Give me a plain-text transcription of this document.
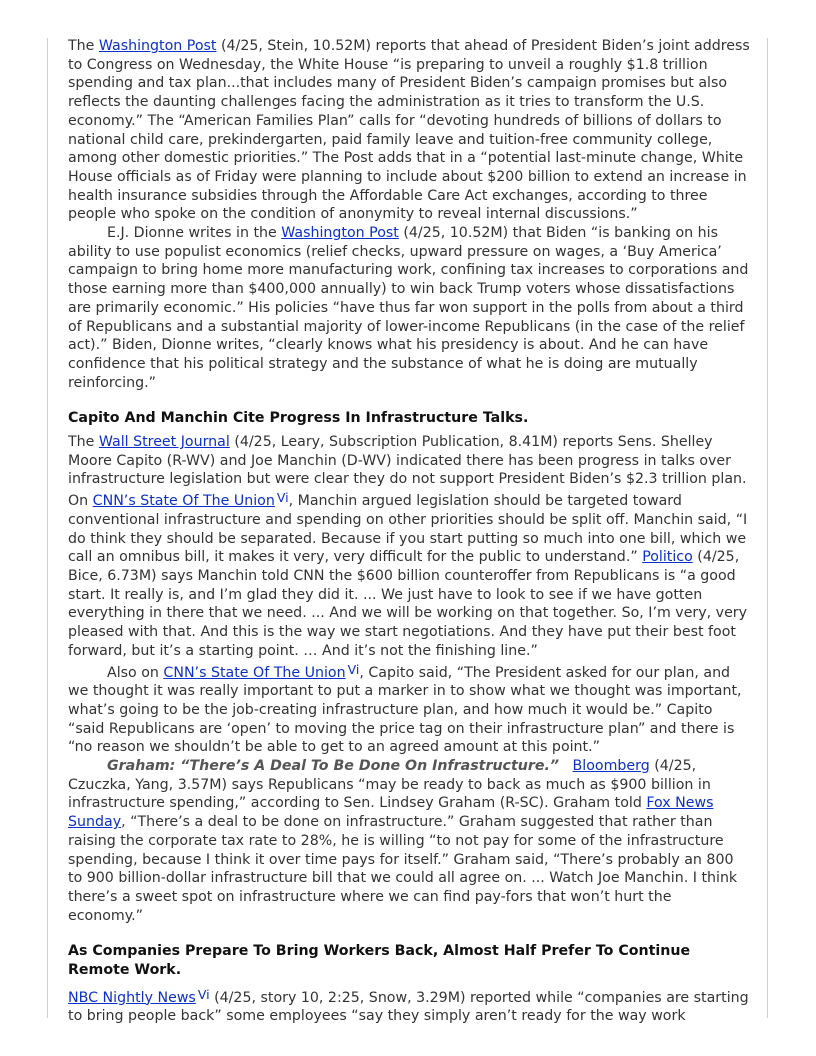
The Washington Post (4/25, Stein, 10.52M) reports that ahead of President Biden’s joint address to Congress on Wednesday, the White House “is preparing to unveil a roughly $1.8 trillion spending and tax plan...that includes many of President Biden’s campaign promises but also reflects the daunting challenges facing the administration as it tries to transform the U.S. economy.” The “American Families Plan” calls for “devoting hundreds of billions of dollars to national child care, prekindergarten, paid family leave and tuition-free community college, among other domestic priorities.” The Post adds that in a “potential last-minute change, White House officials as of Friday were planning to include about $200 billion to extend an increase in health insurance subsidies through the Affordable Care Act exchanges, according to three people who spoke on the condition of anonymity to reveal internal discussions.”

E.J. Dionne writes in the Washington Post (4/25, 10.52M) that Biden “is banking on his ability to use populist economics (relief checks, upward pressure on wages, a ‘Buy America’ campaign to bring home more manufacturing work, confining tax increases to corporations and those earning more than $400,000 annually) to win back Trump voters whose dissatisfactions are primarily economic.” His policies “have thus far won support in the polls from about a third of Republicans and a substantial majority of lower-income Republicans (in the case of the relief act).” Biden, Dionne writes, “clearly knows what his presidency is about. And he can have confidence that his political strategy and the substance of what he is doing are mutually reinforcing.”

Capito And Manchin Cite Progress In Infrastructure Talks.

The Wall Street Journal (4/25, Leary, Subscription Publication, 8.41M) reports Sens. Shelley Moore Capito (R-WV) and Joe Manchin (D-WV) indicated there has been progress in talks over infrastructure legislation but were clear they do not support President Biden’s $2.3 trillion plan. On CNN’s State Of The Union Vi, Manchin argued legislation should be targeted toward conventional infrastructure and spending on other priorities should be split off. Manchin said, “I do think they should be separated. Because if you start putting so much into one bill, which we call an omnibus bill, it makes it very, very difficult for the public to understand.” Politico (4/25, Bice, 6.73M) says Manchin told CNN the $600 billion counteroffer from Republicans is “a good start. It really is, and I’m glad they did it. ... We just have to look to see if we have gotten everything in there that we need. ... And we will be working on that together. So, I’m very, very pleased with that. And this is the way we start negotiations. And they have put their best foot forward, but it’s a starting point. … And it’s not the finishing line.”

Also on CNN’s State Of The Union Vi, Capito said, “The President asked for our plan, and we thought it was really important to put a marker in to show what we thought was important, what’s going to be the job-creating infrastructure plan, and how much it would be.” Capito “said Republicans are ‘open’ to moving the price tag on their infrastructure plan” and there is “no reason we shouldn’t be able to get to an agreed amount at this point.”

Graham: “There’s A Deal To Be Done On Infrastructure.” Bloomberg (4/25, Czuczka, Yang, 3.57M) says Republicans “may be ready to back as much as $900 billion in infrastructure spending,” according to Sen. Lindsey Graham (R-SC). Graham told Fox News Sunday, “There’s a deal to be done on infrastructure.” Graham suggested that rather than raising the corporate tax rate to 28%, he is willing “to not pay for some of the infrastructure spending, because I think it over time pays for itself.” Graham said, “There’s probably an 800 to 900 billion-dollar infrastructure bill that we could all agree on. ... Watch Joe Manchin. I think there’s a sweet spot on infrastructure where we can find pay-fors that won’t hurt the economy.”

As Companies Prepare To Bring Workers Back, Almost Half Prefer To Continue Remote Work.

NBC Nightly News Vi (4/25, story 10, 2:25, Snow, 3.29M) reported while “companies are starting to bring people back” some employees “say they simply aren’t ready for the way work
